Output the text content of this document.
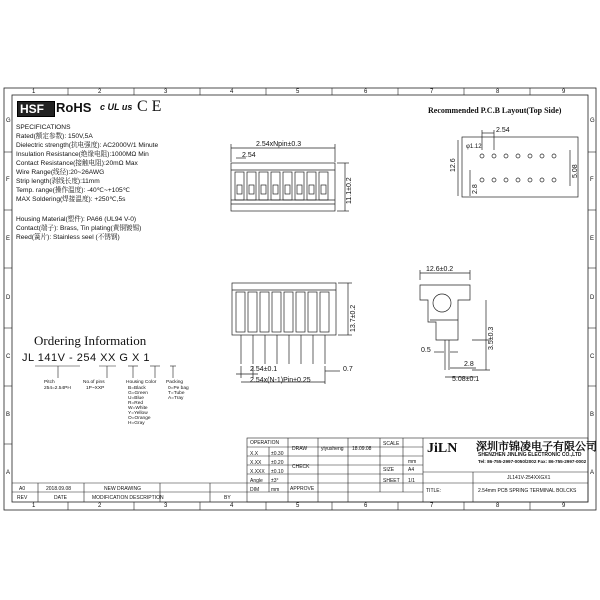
1	2	3	4	5	6	7	8	9
1	2	3	4	5	6	7	8	9
G
F
E
D
C
B
A
G
F
E
D
C
B
A
HSF RoHS c UL us C E
SPECIFICATIONS
Rated(额定参数): 150V,5A
Dielectric strength(抗电强度): AC2000V/1 Minute
Insulation Resistance(绝缘电阻):1000MΩ Min
Contact Resistance(接触电阻):20mΩ Max
Wire Range(线径):20~26AWG
Strip length(剥线长度):11mm
Temp. range(操作温度): -40℃~+105℃
MAX Soldering(焊接温度): +250℃,5s
Housing Material(塑件): PA66 (UL94 V-0)
Contact(端子): Brass, Tin plating(黄铜镀锡)
Reed(簧片): Stainless seel (不锈钢)
Ordering Information
JL 141V - 254 XX G X 1
Pitch
254=2.54PH
No.of pins
1P~XXP
Housing Color
B=Black
G=Green
U=Blue
R=Red
W=White
Y=Yellow
O=Orange
H=Gray
Packing
0=Pe bag
T=Tube
A=Tray
2.54xNpin±0.3
2.54
11.1±0.2
13.7±0.2
2.54±0.1
2.54x(N-1)Pin±0.25
0.7
12.6±0.2
3.5±0.3
0.5
2.8
5.08±0.1
Recommended P.C.B Layout(Top Side)
2.54
φ1.12
12.6
2.8
5.08
OPERATION
X.X	±0.30
X.XX ±0.20
X.XXX ±0.10
Angle ±3°
DIM mm
DRAW	yiyusheng 18.09.08
CHECK
APPROVE
SCALE
SIZE	A4
SHEET 1/1
mm
JiLN 深圳市锦凌电子有限公司
SHENZHEN JINLING ELECTRONIC CO.,LTD
Tel: 86-755-2997-0050/2002 Fax: 86-755-2997-0002
JL141V-254XXGX1
TITLE:	2.54mm PCB SPRING TERMINAL BOLCKS
A0	2018.09.08	NEW DRAWING
REV	DATE	MODIFICATION DESCRIPTION	BY
